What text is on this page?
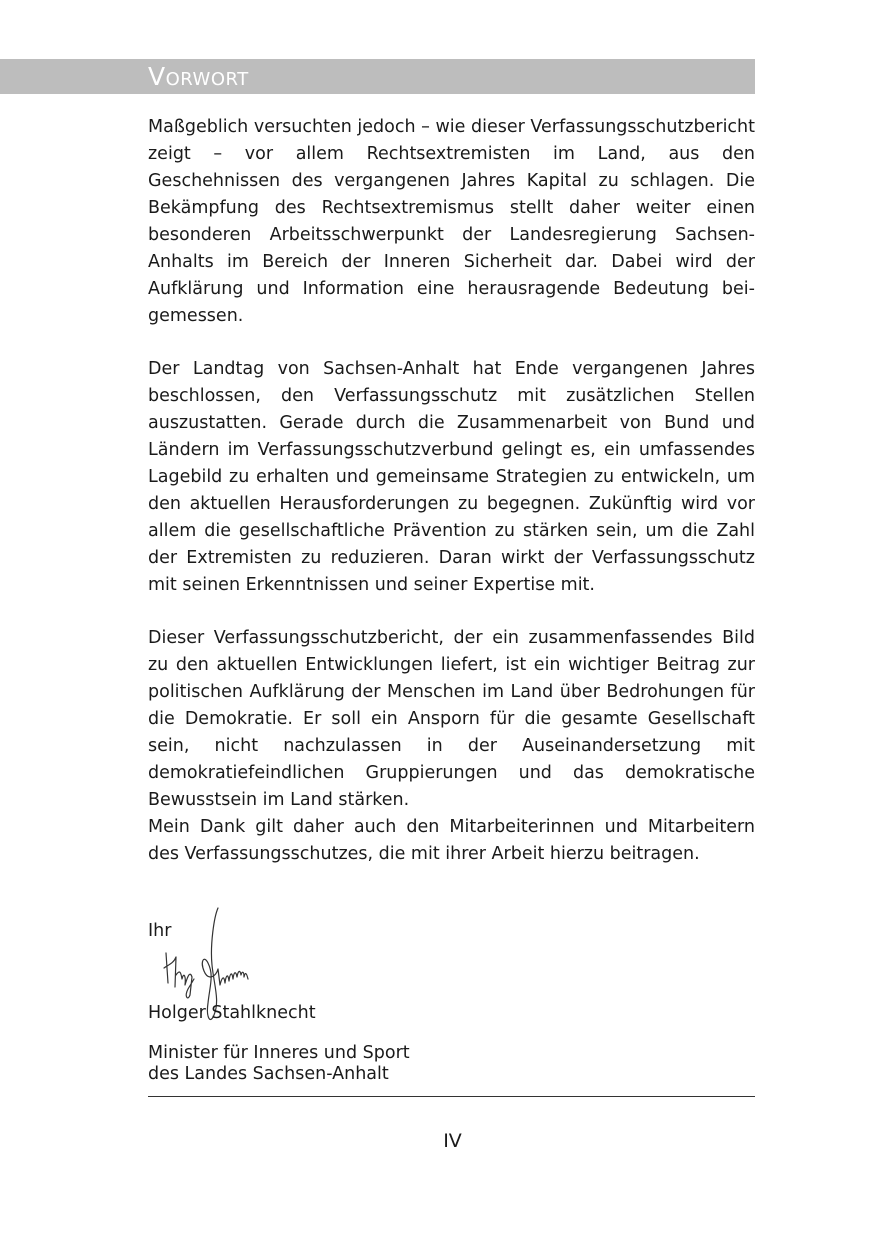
Vorwort

Maßgeblich versuchten jedoch – wie dieser Verfassungsschutzbericht zeigt – vor allem Rechtsextremisten im Land, aus den Geschehnissen des vergangenen Jahres Kapital zu schlagen. Die Bekämpfung des Rechtsextremismus stellt daher weiter einen besonderen Arbeitsschwerpunkt der Landesregierung Sachsen-Anhalts im Bereich der Inneren Sicherheit dar. Dabei wird der Aufklärung und Information eine herausragende Bedeutung beigemessen.

Der Landtag von Sachsen-Anhalt hat Ende vergangenen Jahres beschlossen, den Verfassungsschutz mit zusätzlichen Stellen auszustatten. Gerade durch die Zusammenarbeit von Bund und Ländern im Verfassungsschutzverbund gelingt es, ein umfassendes Lagebild zu erhalten und gemeinsame Strategien zu entwickeln, um den aktuellen Herausforderungen zu begegnen. Zukünftig wird vor allem die gesellschaftliche Prävention zu stärken sein, um die Zahl der Extremisten zu reduzieren. Daran wirkt der Verfassungsschutz mit seinen Erkenntnissen und seiner Expertise mit.

Dieser Verfassungsschutzbericht, der ein zusammenfassendes Bild zu den aktuellen Entwicklungen liefert, ist ein wichtiger Beitrag zur politischen Aufklärung der Menschen im Land über Bedrohungen für die Demokratie. Er soll ein Ansporn für die gesamte Gesellschaft sein, nicht nachzulassen in der Auseinandersetzung mit demokratiefeindlichen Gruppierungen und das demokratische Bewusstsein im Land stärken.

Mein Dank gilt daher auch den Mitarbeiterinnen und Mitarbeitern des Verfassungsschutzes, die mit ihrer Arbeit hierzu beitragen.

Ihr
Holger Stahlknecht
Minister für Inneres und Sport
des Landes Sachsen-Anhalt
IV
